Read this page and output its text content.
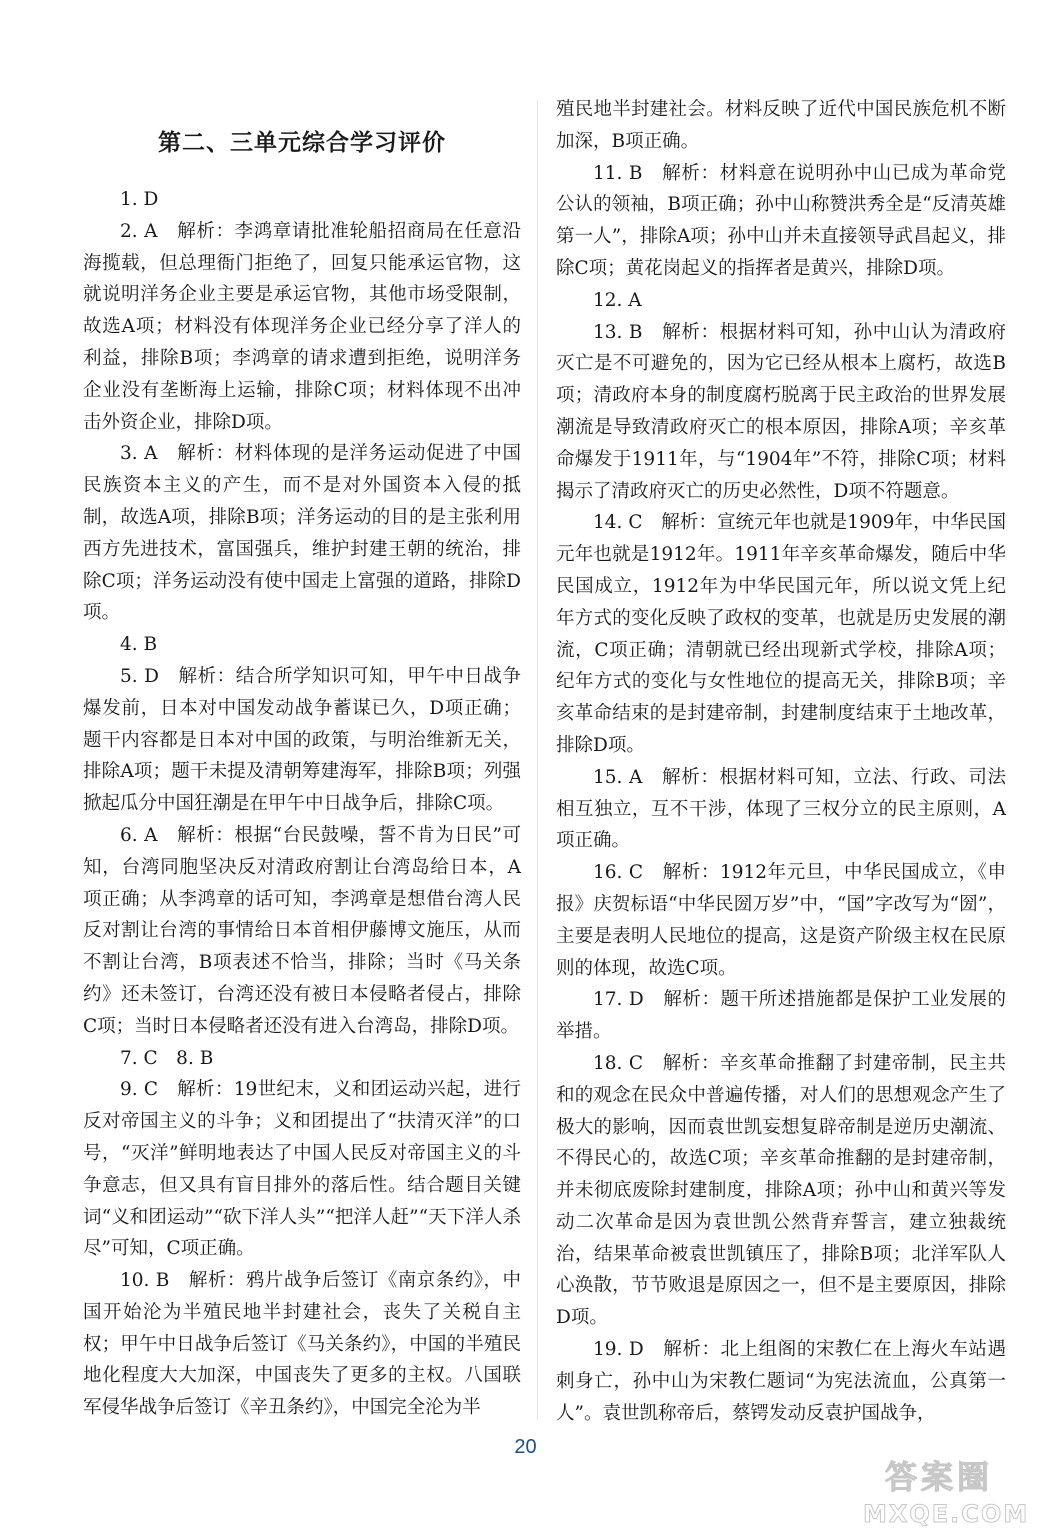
第二、三单元综合学习评价

1. D

2. A　解析：李鸿章请批准轮船招商局在任意沿海揽载，但总理衙门拒绝了，回复只能承运官物，这就说明洋务企业主要是承运官物，其他市场受限制，故选A项；材料没有体现洋务企业已经分享了洋人的利益，排除B项；李鸿章的请求遭到拒绝，说明洋务企业没有垄断海上运输，排除C项；材料体现不出冲击外资企业，排除D项。

3. A　解析：材料体现的是洋务运动促进了中国民族资本主义的产生，而不是对外国资本入侵的抵制，故选A项，排除B项；洋务运动的目的是主张利用西方先进技术，富国强兵，维护封建王朝的统治，排除C项；洋务运动没有使中国走上富强的道路，排除D项。

4. B

5. D　解析：结合所学知识可知，甲午中日战争爆发前，日本对中国发动战争蓄谋已久，D项正确；题干内容都是日本对中国的政策，与明治维新无关，排除A项；题干未提及清朝筹建海军，排除B项；列强掀起瓜分中国狂潮是在甲午中日战争后，排除C项。

6. A　解析：根据“台民鼓噪，誓不肯为日民”可知，台湾同胞坚决反对清政府割让台湾岛给日本，A项正确；从李鸿章的话可知，李鸿章是想借台湾人民反对割让台湾的事情给日本首相伊藤博文施压，从而不割让台湾，B项表述不恰当，排除；当时《马关条约》还未签订，台湾还没有被日本侵略者侵占，排除C项；当时日本侵略者还没有进入台湾岛，排除D项。

7. C　8. B

9. C　解析：19世纪末，义和团运动兴起，进行反对帝国主义的斗争；义和团提出了“扶清灭洋”的口号，“灭洋”鲜明地表达了中国人民反对帝国主义的斗争意志，但又具有盲目排外的落后性。结合题目关键词“义和团运动”“砍下洋人头”“把洋人赶”“天下洋人杀尽”可知，C项正确。

10. B　解析：鸦片战争后签订《南京条约》，中国开始沦为半殖民地半封建社会，丧失了关税自主权；甲午中日战争后签订《马关条约》，中国的半殖民地化程度大大加深，中国丧失了更多的主权。八国联军侵华战争后签订《辛丑条约》，中国完全沦为半

殖民地半封建社会。材料反映了近代中国民族危机不断加深，B项正确。

11. B　解析：材料意在说明孙中山已成为革命党公认的领袖，B项正确；孙中山称赞洪秀全是“反清英雄第一人”，排除A项；孙中山并未直接领导武昌起义，排除C项；黄花岗起义的指挥者是黄兴，排除D项。

12. A

13. B　解析：根据材料可知，孙中山认为清政府灭亡是不可避免的，因为它已经从根本上腐朽，故选B项；清政府本身的制度腐朽脱离于民主政治的世界发展潮流是导致清政府灭亡的根本原因，排除A项；辛亥革命爆发于1911年，与“1904年”不符，排除C项；材料揭示了清政府灭亡的历史必然性，D项不符题意。

14. C　解析：宣统元年也就是1909年，中华民国元年也就是1912年。1911年辛亥革命爆发，随后中华民国成立，1912年为中华民国元年，所以说文凭上纪年方式的变化反映了政权的变革，也就是历史发展的潮流，C项正确；清朝就已经出现新式学校，排除A项；纪年方式的变化与女性地位的提高无关，排除B项；辛亥革命结束的是封建帝制，封建制度结束于土地改革，排除D项。

15. A　解析：根据材料可知，立法、行政、司法相互独立，互不干涉，体现了三权分立的民主原则，A项正确。

16. C　解析：1912年元旦，中华民国成立，《申报》庆贺标语“中华民圀万岁”中，“国”字改写为“圀”，主要是表明人民地位的提高，这是资产阶级主权在民原则的体现，故选C项。

17. D　解析：题干所述措施都是保护工业发展的举措。

18. C　解析：辛亥革命推翻了封建帝制，民主共和的观念在民众中普遍传播，对人们的思想观念产生了极大的影响，因而袁世凯妄想复辟帝制是逆历史潮流、不得民心的，故选C项；辛亥革命推翻的是封建帝制，并未彻底废除封建制度，排除A项；孙中山和黄兴等发动二次革命是因为袁世凯公然背弃誓言，建立独裁统治，结果革命被袁世凯镇压了，排除B项；北洋军队人心涣散，节节败退是原因之一，但不是主要原因，排除D项。

19. D　解析：北上组阁的宋教仁在上海火车站遇刺身亡，孙中山为宋教仁题词“为宪法流血，公真第一人”。袁世凯称帝后，蔡锷发动反袁护国战争，

20
答案圈
MXQE.COM
